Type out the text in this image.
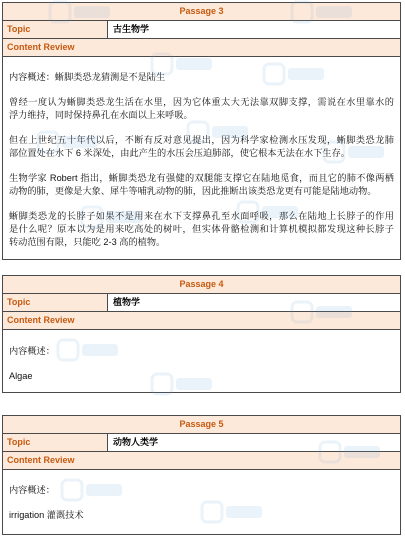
Passage 3
Topic	古生物学
Content Review
内容概述：蜥脚类恐龙猜测是不是陆生
曾经一度认为蜥脚类恐龙生活在水里，因为它体重太大无法靠双脚支撑，需说在水里靠水的
浮力维持，同时保持鼻孔在水面以上来呼吸。
但在上世纪五十年代以后，不断有反对意见提出，因为科学家检测水压发现，蜥脚类恐龙肺
部位置处在水下 6 米深处，由此产生的水压会压迫肺部，使它根本无法在水下生存。
生物学家 Robert 指出，蜥脚类恐龙有强健的双腿能支撑它在陆地觅食，而且它的肺不像两栖
动物的肺，更像是大象、犀牛等哺乳动物的肺，因此推断出该类恐龙更有可能是陆地动物。
蜥脚类恐龙的长脖子如果不是用来在水下支撑鼻孔至水面呼吸，那么在陆地上长脖子的作用
是什么呢？原本以为是用来吃高处的树叶，但实体骨骼检测和计算机模拟都发现这种长脖子
转动范围有限，只能吃 2-3 高的植物。
Passage 4
Topic	植物学
Content Review
内容概述：
Algae
Passage 5
Topic	动物人类学
Content Review
内容概述：
irrigation 灌溉技术
